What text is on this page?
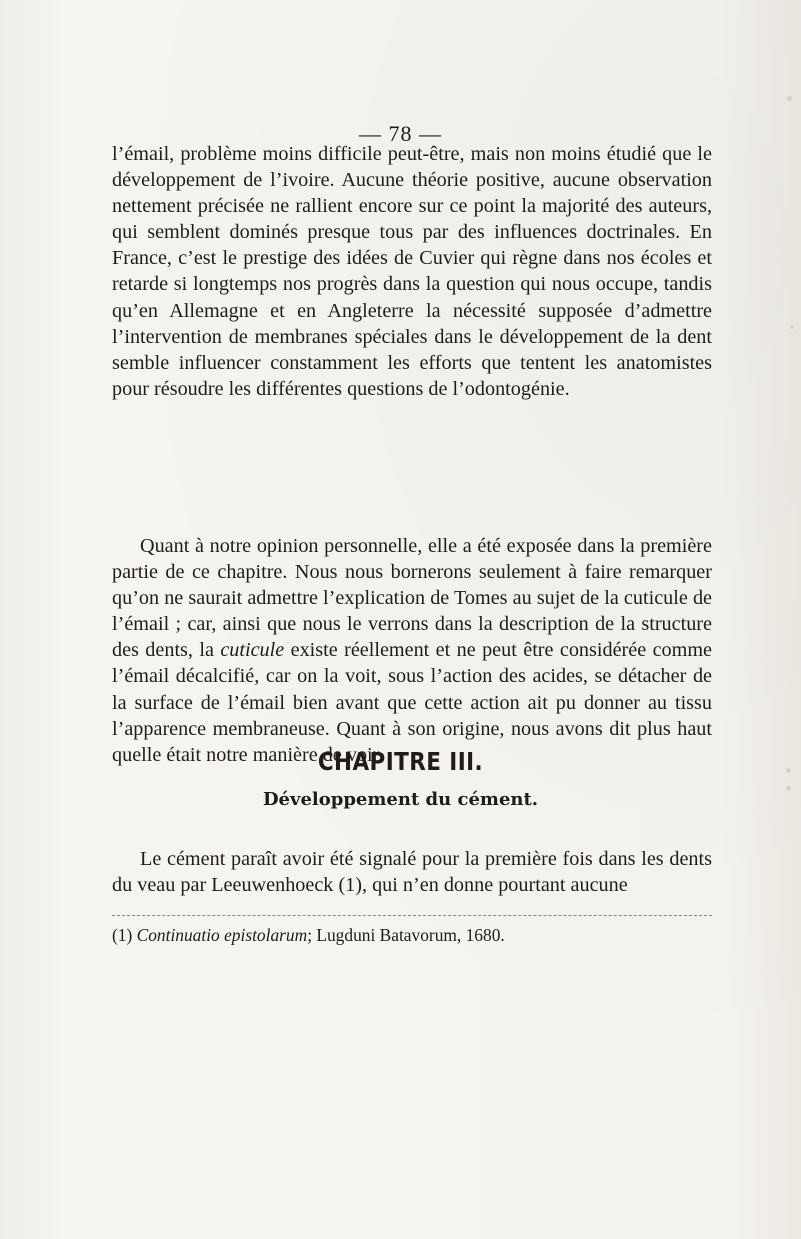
— 78 —

l’émail, problème moins difficile peut-être, mais non moins étudié que le développement de l’ivoire. Aucune théorie positive, aucune observation nettement précisée ne rallient encore sur ce point la majorité des auteurs, qui semblent dominés presque tous par des influences doctrinales. En France, c’est le prestige des idées de Cuvier qui règne dans nos écoles et retarde si longtemps nos progrès dans la question qui nous occupe, tandis qu’en Allemagne et en Angleterre la nécessité supposée d’admettre l’intervention de membranes spéciales dans le développement de la dent semble influencer constamment les efforts que tentent les anatomistes pour résoudre les différentes questions de l’odontogénie.

Quant à notre opinion personnelle, elle a été exposée dans la première partie de ce chapitre. Nous nous bornerons seulement à faire remarquer qu’on ne saurait admettre l’explication de Tomes au sujet de la cuticule de l’émail ; car, ainsi que nous le verrons dans la description de la structure des dents, la cuticule existe réellement et ne peut être considérée comme l’émail décalcifié, car on la voit, sous l’action des acides, se détacher de la surface de l’émail bien avant que cette action ait pu donner au tissu l’apparence membraneuse. Quant à son origine, nous avons dit plus haut quelle était notre manière de voir.

CHAPITRE III.
Développement du cément.

Le cément paraît avoir été signalé pour la première fois dans les dents du veau par Leeuwenhoeck (1), qui n’en donne pourtant aucune

(1) Continuatio epistolarum; Lugduni Batavorum, 1680.
